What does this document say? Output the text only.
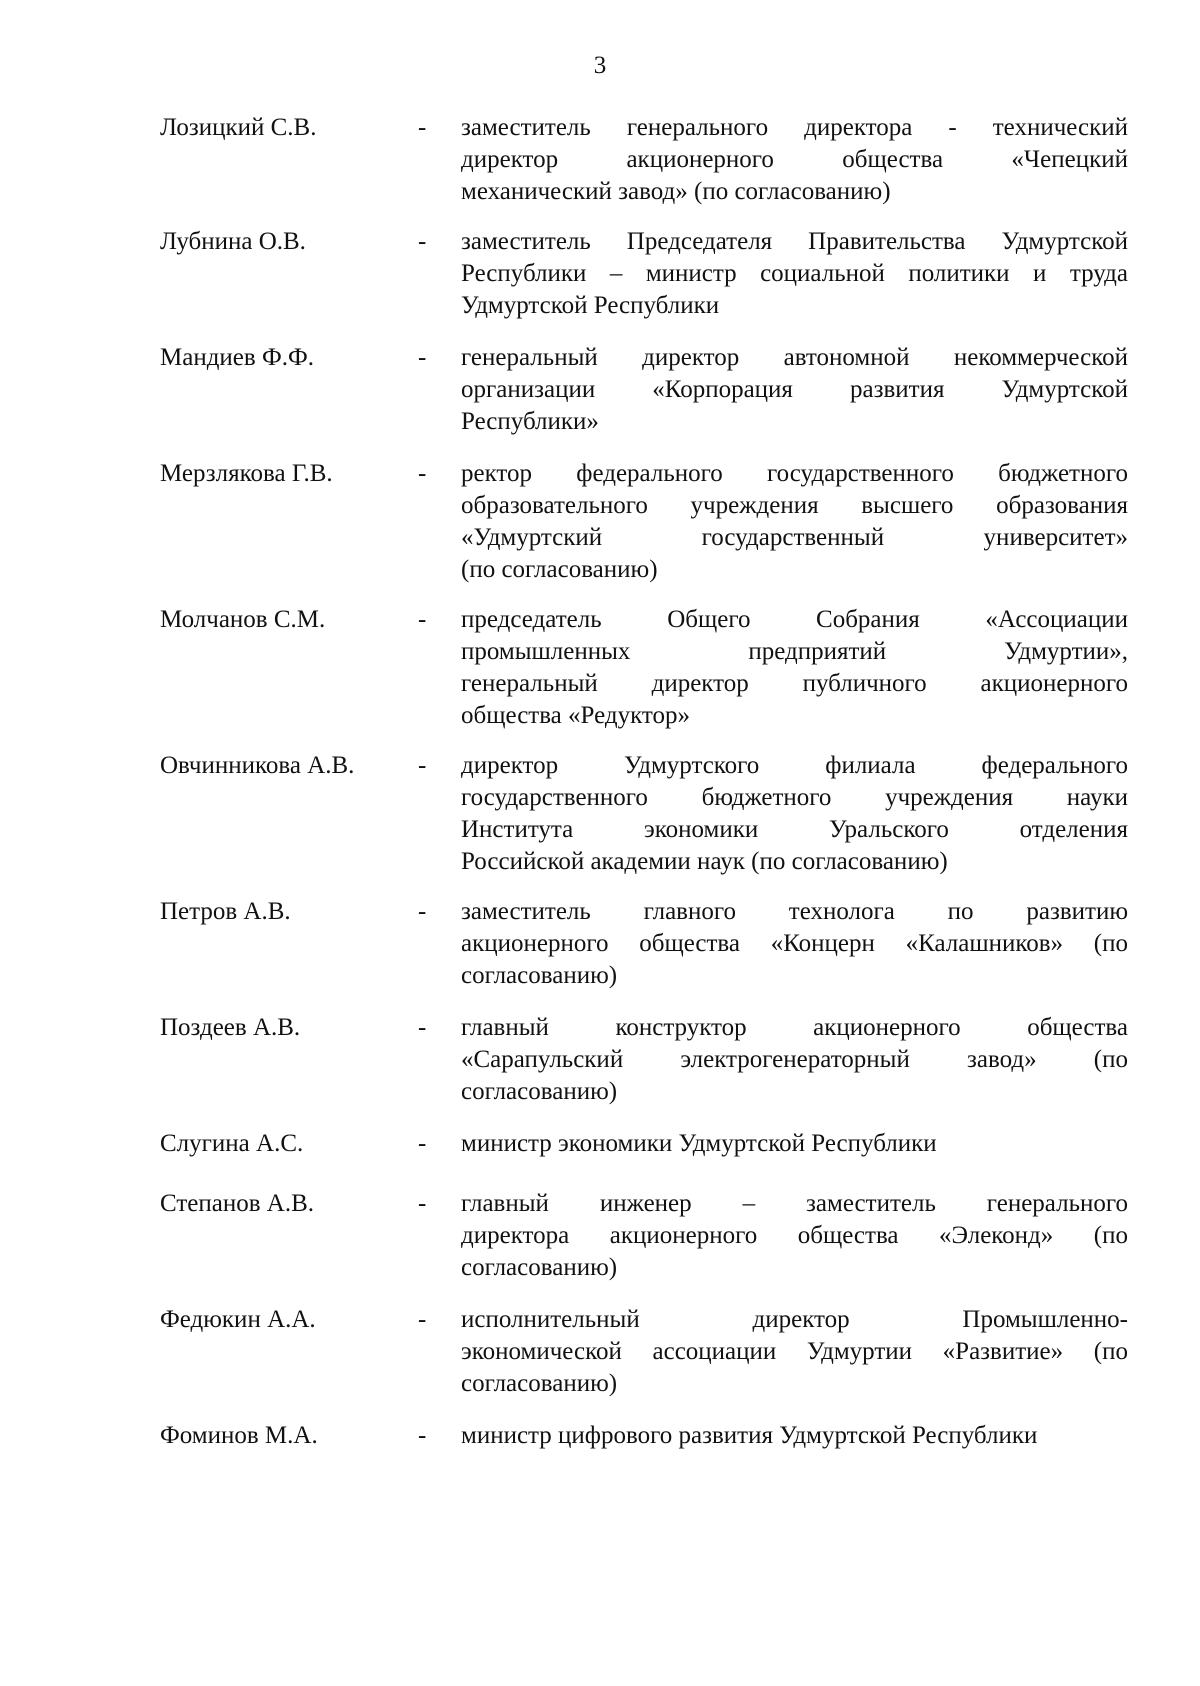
3
Лозицкий С.В.	- заместитель генерального директора - технический
директор акционерного общества «Чепецкий
механический завод» (по согласованию)
Лубнина О.В.	- заместитель Председателя Правительства Удмуртской
Республики – министр социальной политики и труда
Удмуртской Республики
Мандиев Ф.Ф.	- генеральный директор автономной некоммерческой
организации «Корпорация развития Удмуртской
Республики»
Мерзлякова Г.В.	- ректор федерального государственного бюджетного
образовательного учреждения высшего образования
«Удмуртский государственный университет»
(по согласованию)
Молчанов С.М.	- председатель Общего Собрания «Ассоциации
промышленных предприятий Удмуртии»,
генеральный директор публичного акционерного
общества «Редуктор»
Овчинникова А.В.	- директор Удмуртского филиала федерального
государственного бюджетного учреждения науки
Института экономики Уральского отделения
Российской академии наук (по согласованию)
Петров А.В.	- заместитель главного технолога по развитию
акционерного общества «Концерн «Калашников» (по
согласованию)
Поздеев А.В.	- главный конструктор акционерного общества
«Сарапульский электрогенераторный завод» (по
согласованию)
Слугина А.С.	- министр экономики Удмуртской Республики
Степанов А.В.	- главный инженер – заместитель генерального
директора акционерного общества «Элеконд» (по
согласованию)
Федюкин А.А.	- исполнительный директор Промышленно-
экономической ассоциации Удмуртии «Развитие» (по
согласованию)
Фоминов М.А.	- министр цифрового развития Удмуртской Республики
